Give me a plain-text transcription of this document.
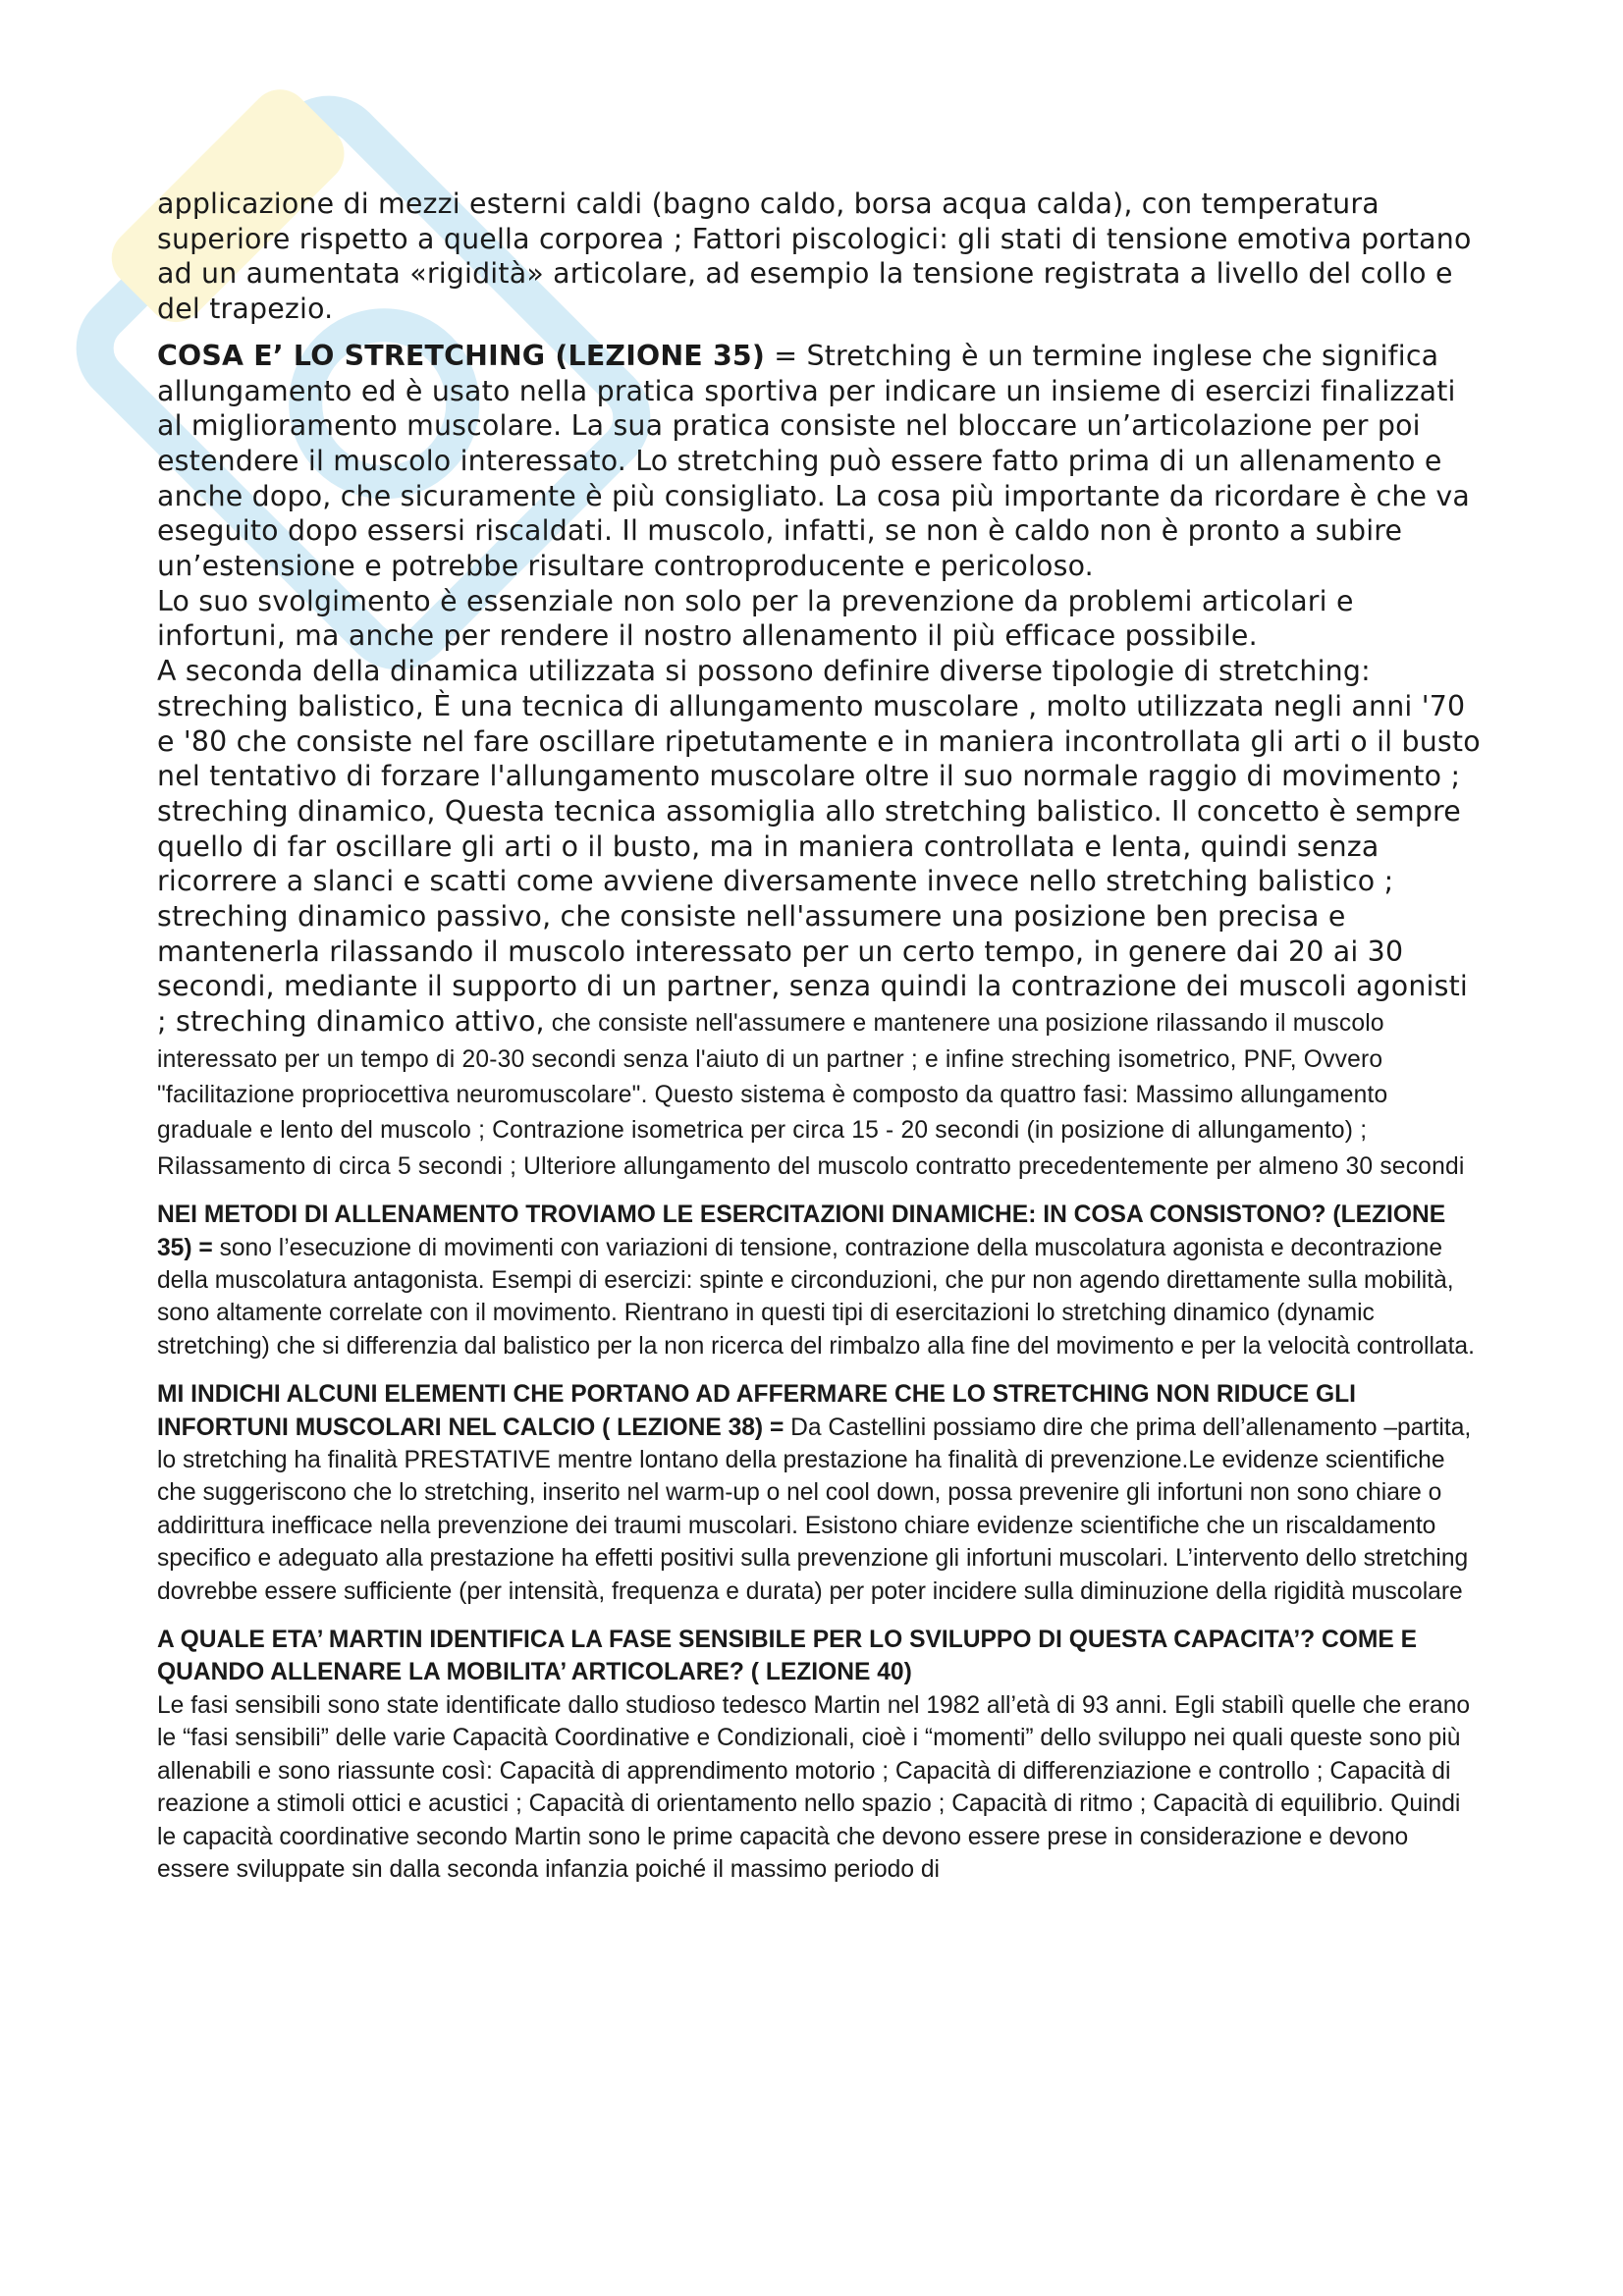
applicazione di mezzi esterni caldi (bagno caldo, borsa acqua calda), con temperatura superiore rispetto a quella corporea ; Fattori piscologici: gli stati di tensione emotiva portano ad un aumentata «rigidità» articolare, ad esempio la tensione registrata a livello del collo e del trapezio.

COSA E’ LO STRETCHING (LEZIONE 35) = Stretching è un termine inglese che significa allungamento ed è usato nella pratica sportiva per indicare un insieme di esercizi finalizzati al miglioramento muscolare. La sua pratica consiste nel bloccare un’articolazione per poi estendere il muscolo interessato. Lo stretching può essere fatto prima di un allenamento e anche dopo, che sicuramente è più consigliato. La cosa più importante da ricordare è che va eseguito dopo essersi riscaldati. Il muscolo, infatti, se non è caldo non è pronto a subire un’estensione e potrebbe risultare controproducente e pericoloso.

Lo suo svolgimento è essenziale non solo per la prevenzione da problemi articolari e infortuni, ma anche per rendere il nostro allenamento il più efficace possibile.

A seconda della dinamica utilizzata si possono definire diverse tipologie di stretching: streching balistico, È una tecnica di allungamento muscolare , molto utilizzata negli anni '70 e '80 che consiste nel fare oscillare ripetutamente e in maniera incontrollata gli arti o il busto nel tentativo di forzare l'allungamento muscolare oltre il suo normale raggio di movimento ; streching dinamico, Questa tecnica assomiglia allo stretching balistico. Il concetto è sempre quello di far oscillare gli arti o il busto, ma in maniera controllata e lenta, quindi senza ricorrere a slanci e scatti come avviene diversamente invece nello stretching balistico ; streching dinamico passivo, che consiste nell'assumere una posizione ben precisa e mantenerla rilassando il muscolo interessato per un certo tempo, in genere dai 20 ai 30 secondi, mediante il supporto di un partner, senza quindi la contrazione dei muscoli agonisti ; streching dinamico attivo, che consiste nell'assumere e mantenere una posizione rilassando il muscolo interessato per un tempo di 20-30 secondi senza l'aiuto di un partner ; e infine streching isometrico, PNF, Ovvero "facilitazione propriocettiva neuromuscolare". Questo sistema è composto da quattro fasi: Massimo allungamento graduale e lento del muscolo ; Contrazione isometrica per circa 15 - 20 secondi (in posizione di allungamento) ; Rilassamento di circa 5 secondi ; Ulteriore allungamento del muscolo contratto precedentemente per almeno 30 secondi

NEI METODI DI ALLENAMENTO TROVIAMO LE ESERCITAZIONI DINAMICHE: IN COSA CONSISTONO? (LEZIONE 35) = sono l’esecuzione di movimenti con variazioni di tensione, contrazione della muscolatura agonista e decontrazione della muscolatura antagonista. Esempi di esercizi: spinte e circonduzioni, che pur non agendo direttamente sulla mobilità, sono altamente correlate con il movimento. Rientrano in questi tipi di esercitazioni lo stretching dinamico (dynamic stretching) che si differenzia dal balistico per la non ricerca del rimbalzo alla fine del movimento e per la velocità controllata.

MI INDICHI ALCUNI ELEMENTI CHE PORTANO AD AFFERMARE CHE LO STRETCHING NON RIDUCE GLI INFORTUNI MUSCOLARI NEL CALCIO ( LEZIONE 38) = Da Castellini possiamo dire che prima dell’allenamento –partita, lo stretching ha finalità PRESTATIVE mentre lontano della prestazione ha finalità di prevenzione.Le evidenze scientifiche che suggeriscono che lo stretching, inserito nel warm-up o nel cool down, possa prevenire gli infortuni non sono chiare o addirittura inefficace nella prevenzione dei traumi muscolari. Esistono chiare evidenze scientifiche che un riscaldamento specifico e adeguato alla prestazione ha effetti positivi sulla prevenzione gli infortuni muscolari. L’intervento dello stretching dovrebbe essere sufficiente (per intensità, frequenza e durata) per poter incidere sulla diminuzione della rigidità muscolare

A QUALE ETA’ MARTIN IDENTIFICA LA FASE SENSIBILE PER LO SVILUPPO DI QUESTA CAPACITA’? COME E QUANDO ALLENARE LA MOBILITA’ ARTICOLARE? ( LEZIONE 40)

Le fasi sensibili sono state identificate dallo studioso tedesco Martin nel 1982 all’età di 93 anni. Egli stabilì quelle che erano le “fasi sensibili” delle varie Capacità Coordinative e Condizionali, cioè i “momenti” dello sviluppo nei quali queste sono più allenabili e sono riassunte così: Capacità di apprendimento motorio ; Capacità di differenziazione e controllo ; Capacità di reazione a stimoli ottici e acustici ; Capacità di orientamento nello spazio ; Capacità di ritmo ; Capacità di equilibrio. Quindi le capacità coordinative secondo Martin sono le prime capacità che devono essere prese in considerazione e devono essere sviluppate sin dalla seconda infanzia poiché il massimo periodo di
